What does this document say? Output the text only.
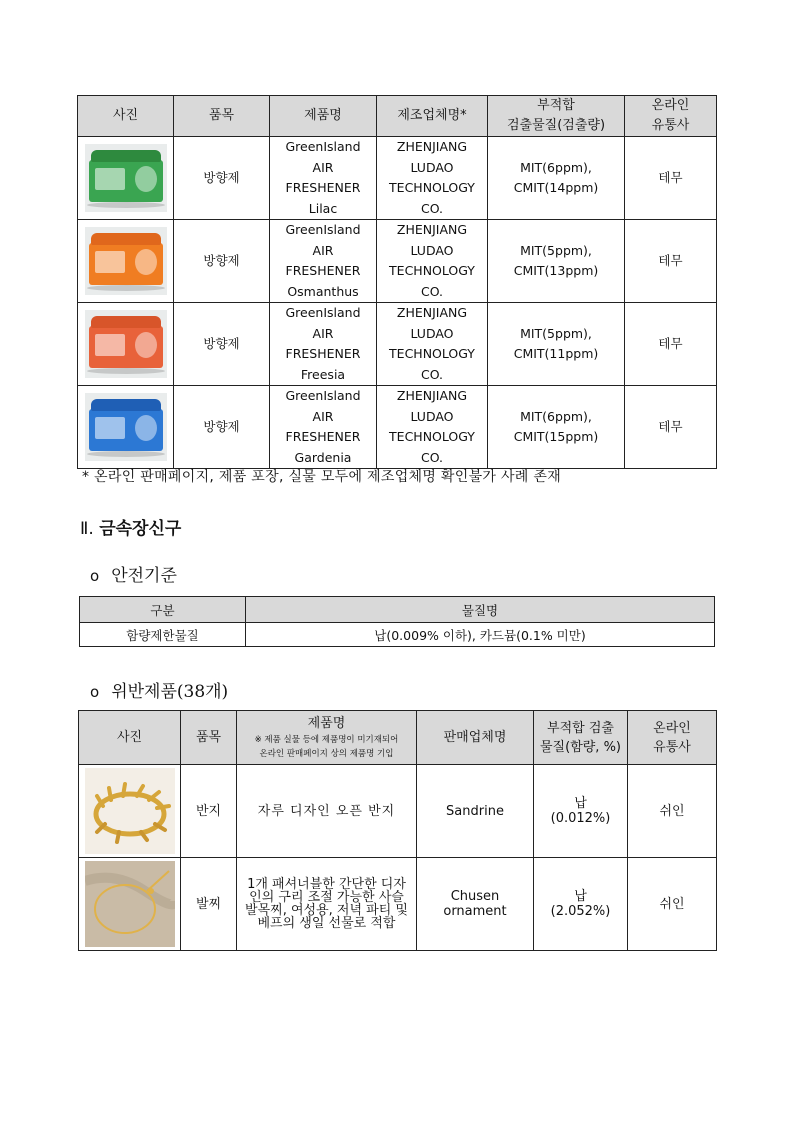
사진	품목	제품명	제조업체명*	부적합
검출물질(검출량)	온라인
유통사

	방향제	GreenIsland
AIR
FRESHENER
Lilac	ZHENJIANG
LUDAO
TECHNOLOGY
CO.	MIT(6ppm),
CMIT(14ppm)	테무

	방향제	GreenIsland
AIR
FRESHENER
Osmanthus	ZHENJIANG
LUDAO
TECHNOLOGY
CO.	MIT(5ppm),
CMIT(13ppm)	테무

	방향제	GreenIsland
AIR
FRESHENER
Freesia	ZHENJIANG
LUDAO
TECHNOLOGY
CO.	MIT(5ppm),
CMIT(11ppm)	테무

	방향제	GreenIsland
AIR
FRESHENER
Gardenia	ZHENJIANG
LUDAO
TECHNOLOGY
CO.	MIT(6ppm),
CMIT(15ppm)	테무
* 온라인 판매페이지, 제품 포장, 실물 모두에 제조업체명 확인불가 사례 존재
Ⅱ. 금속장신구
o 안전기준
구분	물질명
함량제한물질	납(0.009% 이하), 카드뮴(0.1% 미만)
o 위반제품(38개)
사진	품목	제품명
※ 제품 실물 등에 제품명이 미기재되어
온라인 판매페이지 상의 제품명 기입	판매업체명	부적합 검출
물질(함량, %)	온라인
유통사

	반지	자루 디자인 오픈 반지	Sandrine	납
(0.012%)	쉬인

	발찌	1개 패셔너블한 간단한 디자인의 구리 조절 가능한 사슬 발목찌, 여성용, 저녁 파티 및 베프의 생일 선물로 적합	Chusen
ornament	납
(2.052%)	쉬인
